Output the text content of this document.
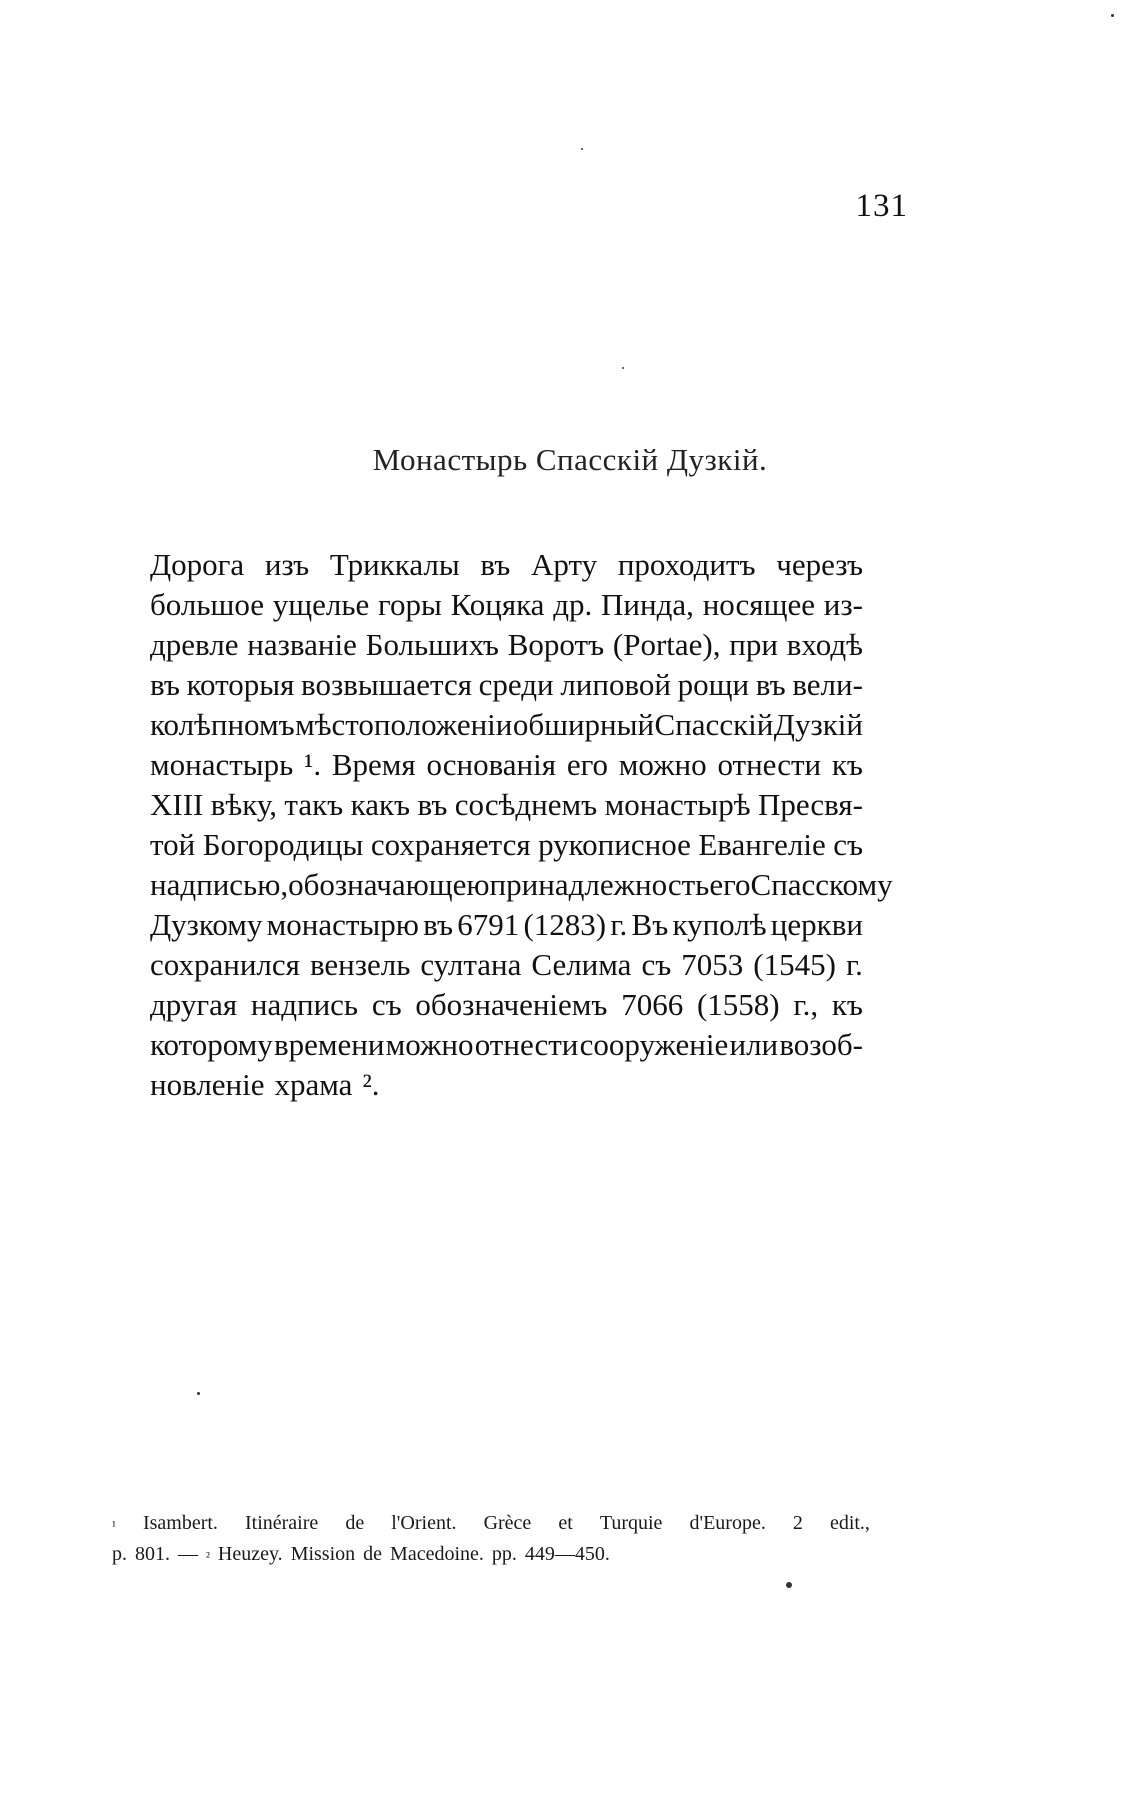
131
Монастырь Спасскій Дузкій.
Дорога изъ Триккалы въ Арту проходитъ черезъ
большое ущелье горы Коцяка др. Пинда, носящее из-
древле названіе Большихъ Воротъ (Portae), при входѣ
въ которыя возвышается среди липовой рощи въ вели-
колѣпномъ мѣстоположеніи обширный Спасскій Дузкій
монастырь ¹. Время основанія его можно отнести къ
XIII вѣку, такъ какъ въ сосѣднемъ монастырѣ Пресвя-
той Богородицы сохраняется рукописное Евангеліе съ
надписью, обозначающею принадлежность его Спасскому
Дузкому монастырю въ 6791 (1283) г. Въ куполѣ церкви
сохранился вензель султана Селима съ 7053 (1545) г.
другая надпись съ обозначеніемъ 7066 (1558) г., къ
которому времени можно отнести сооруженіе или возоб-
новленіе храма ².
¹ Isambert. Itinéraire de l'Orient. Grèce et Turquie d'Europe. 2 edit.,
p. 801. — ² Heuzey. Mission de Macedoine. pp. 449—450.
